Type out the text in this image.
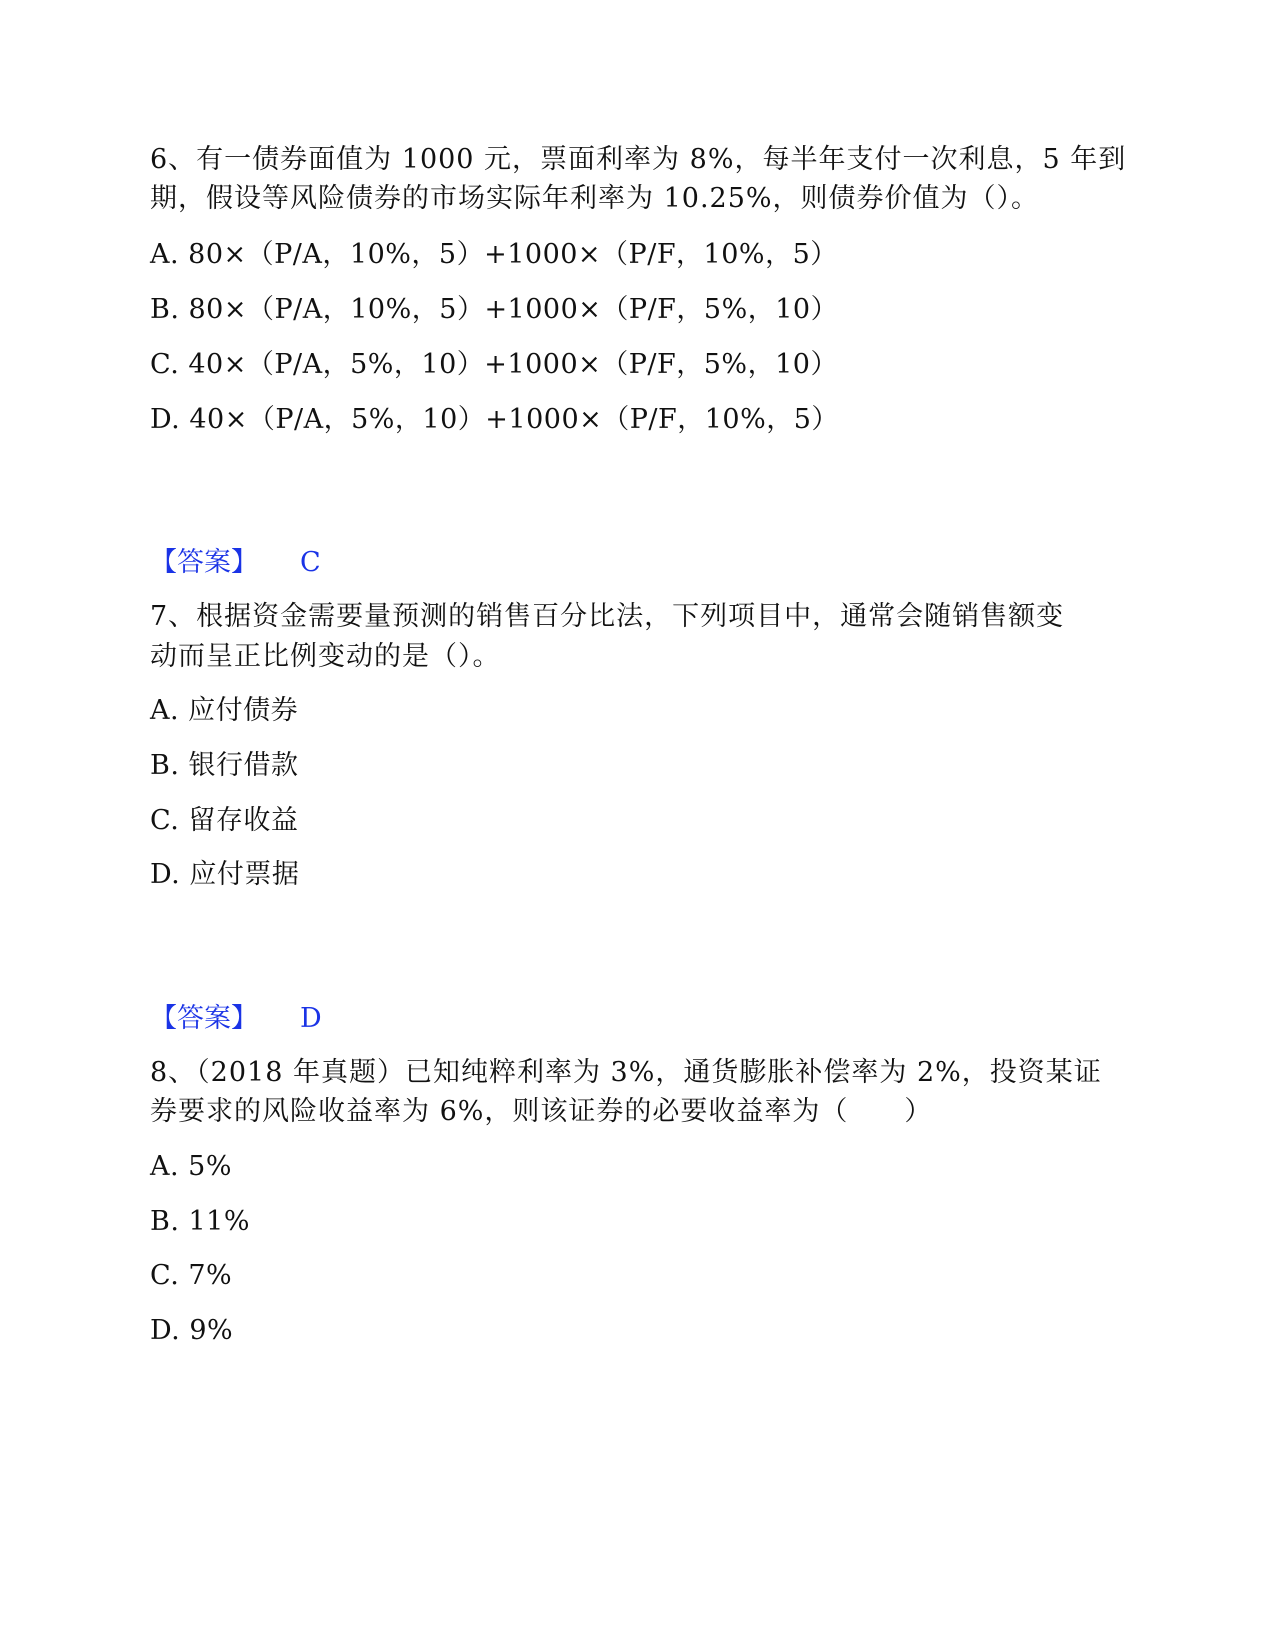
6、有一债券面值为 1000 元，票面利率为 8%，每半年支付一次利息，5 年到
期，假设等风险债券的市场实际年利率为 10.25%，则债券价值为（）。
A. 80×（P/A，10%，5）+1000×（P/F，10%，5）
B. 80×（P/A，10%，5）+1000×（P/F，5%，10）
C. 40×（P/A，5%，10）+1000×（P/F，5%，10）
D. 40×（P/A，5%，10）+1000×（P/F，10%，5）
【答案】 C
7、根据资金需要量预测的销售百分比法，下列项目中，通常会随销售额变
动而呈正比例变动的是（）。
A. 应付债券
B. 银行借款
C. 留存收益
D. 应付票据
【答案】 D
8、（2018 年真题）已知纯粹利率为 3%，通货膨胀补偿率为 2%，投资某证
券要求的风险收益率为 6%，则该证券的必要收益率为（　　）
A. 5%
B. 11%
C. 7%
D. 9%
